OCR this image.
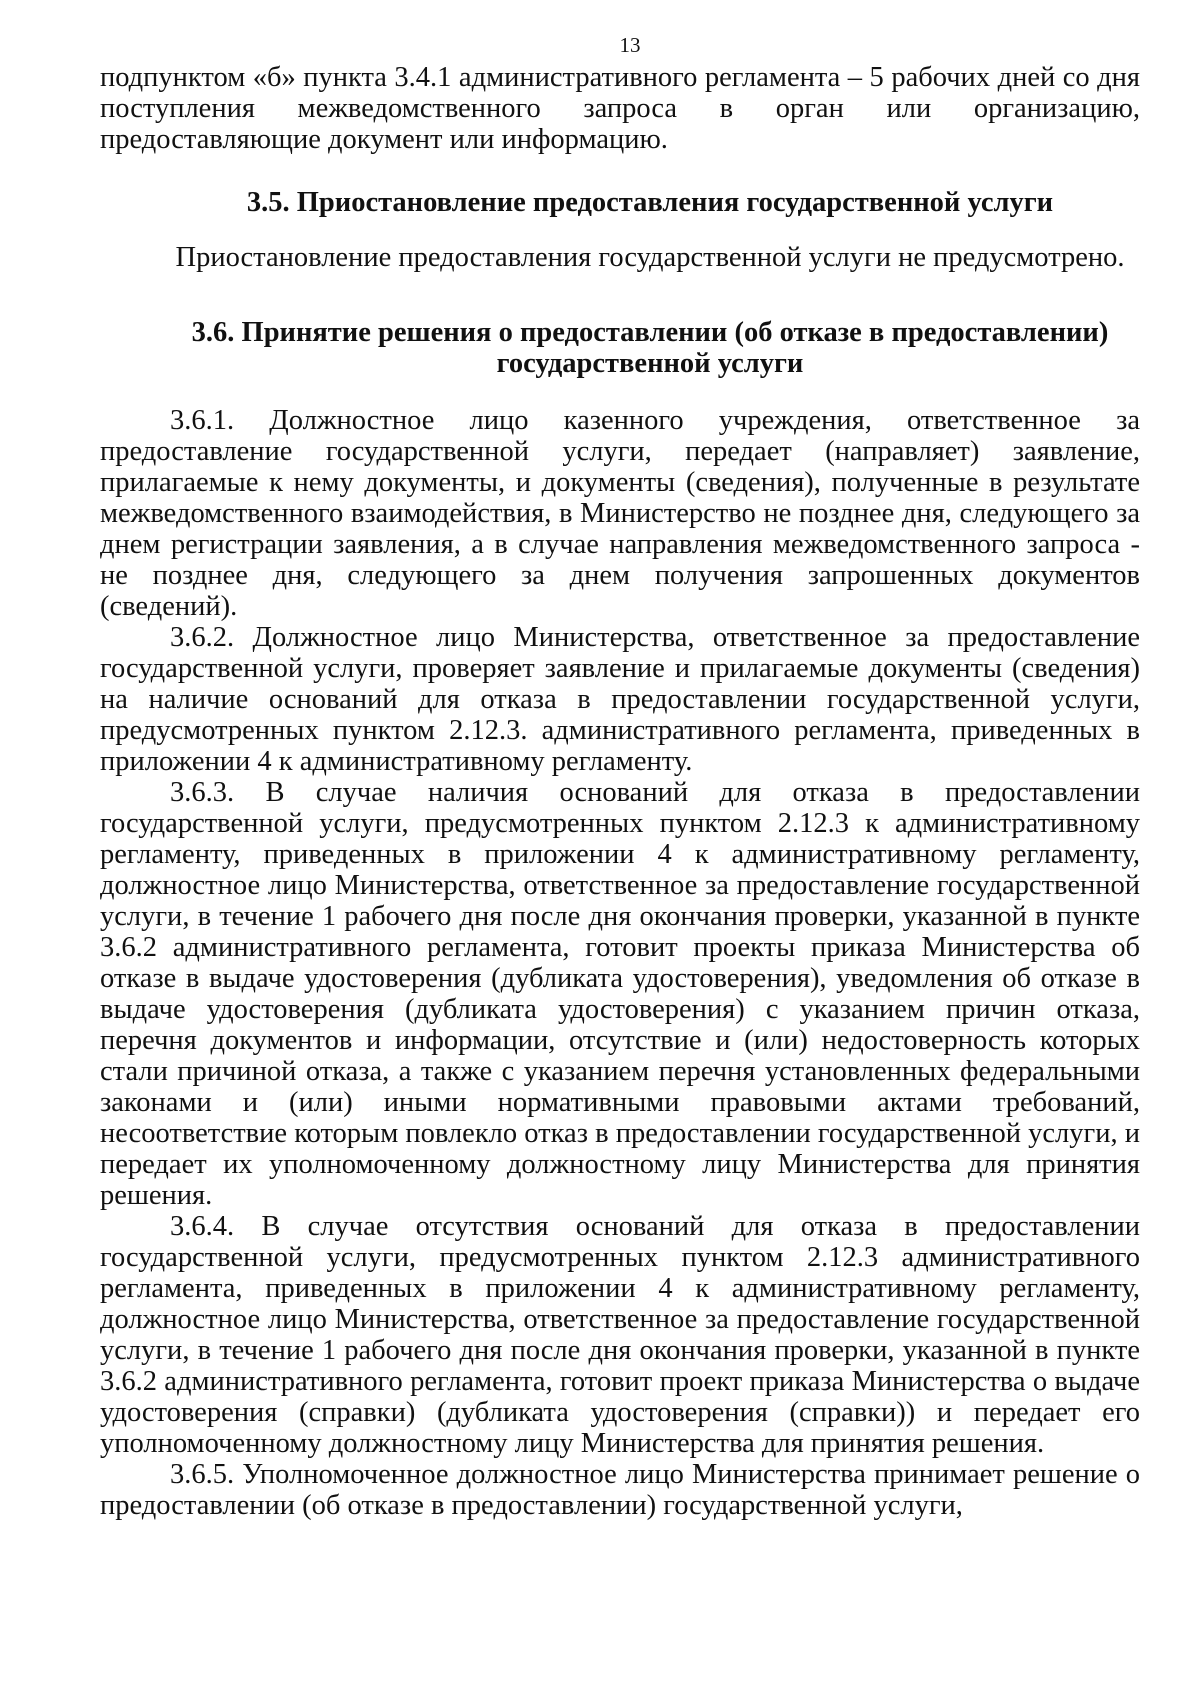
13

подпунктом «б» пункта 3.4.1 административного регламента – 5 рабочих дней со дня поступления межведомственного запроса в орган или организацию, предоставляющие документ или информацию.

3.5. Приостановление предоставления государственной услуги

Приостановление предоставления государственной услуги не предусмотрено.

3.6. Принятие решения о предоставлении (об отказе в предоставлении)
государственной услуги

3.6.1. Должностное лицо казенного учреждения, ответственное за предоставление государственной услуги, передает (направляет) заявление, прилагаемые к нему документы, и документы (сведения), полученные в результате межведомственного взаимодействия, в Министерство не позднее дня, следующего за днем регистрации заявления, а в случае направления межведомственного запроса - не позднее дня, следующего за днем получения запрошенных документов (сведений).

3.6.2. Должностное лицо Министерства, ответственное за предоставление государственной услуги, проверяет заявление и прилагаемые документы (сведения) на наличие оснований для отказа в предоставлении государственной услуги, предусмотренных пунктом 2.12.3. административного регламента, приведенных в приложении 4 к административному регламенту.

3.6.3. В случае наличия оснований для отказа в предоставлении государственной услуги, предусмотренных пунктом 2.12.3 к административному регламенту, приведенных в приложении 4 к административному регламенту, должностное лицо Министерства, ответственное за предоставление государственной услуги, в течение 1 рабочего дня после дня окончания проверки, указанной в пункте 3.6.2 административного регламента, готовит проекты приказа Министерства об отказе в выдаче удостоверения (дубликата удостоверения), уведомления об отказе в выдаче удостоверения (дубликата удостоверения) с указанием причин отказа, перечня документов и информации, отсутствие и (или) недостоверность которых стали причиной отказа, а также с указанием перечня установленных федеральными законами и (или) иными нормативными правовыми актами требований, несоответствие которым повлекло отказ в предоставлении государственной услуги, и передает их уполномоченному должностному лицу Министерства для принятия решения.

3.6.4. В случае отсутствия оснований для отказа в предоставлении государственной услуги, предусмотренных пунктом 2.12.3 административного регламента, приведенных в приложении 4 к административному регламенту, должностное лицо Министерства, ответственное за предоставление государственной услуги, в течение 1 рабочего дня после дня окончания проверки, указанной в пункте 3.6.2 административного регламента, готовит проект приказа Министерства о выдаче удостоверения (справки) (дубликата удостоверения (справки)) и передает его уполномоченному должностному лицу Министерства для принятия решения.

3.6.5. Уполномоченное должностное лицо Министерства принимает решение о предоставлении (об отказе в предоставлении) государственной услуги,
